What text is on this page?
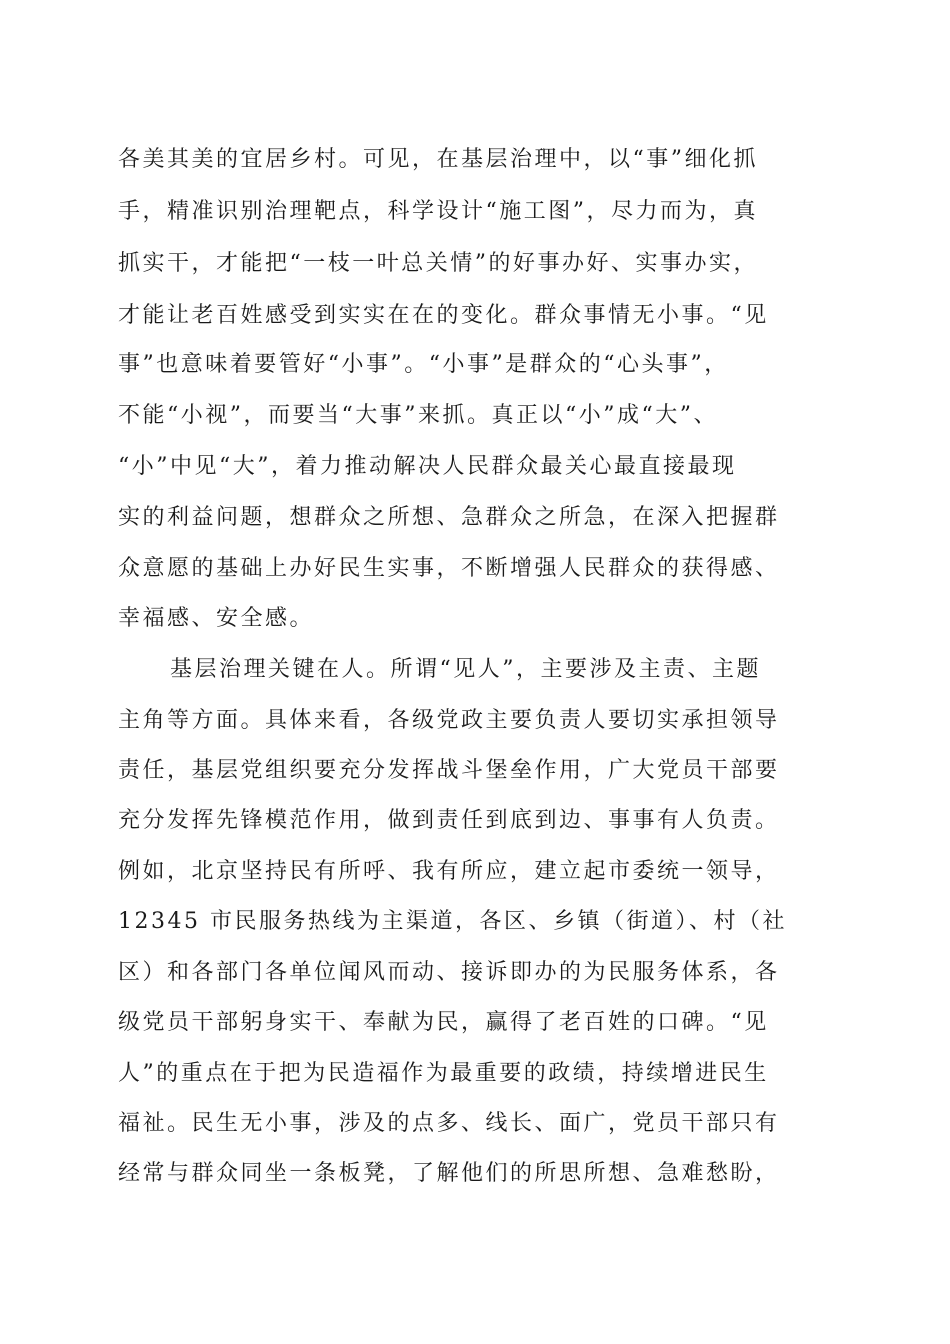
各美其美的宜居乡村。可见，在基层治理中，以“事”细化抓
手，精准识别治理靶点，科学设计“施工图”，尽力而为，真
抓实干，才能把“一枝一叶总关情”的好事办好、实事办实，
才能让老百姓感受到实实在在的变化。群众事情无小事。“见
事”也意味着要管好“小事”。“小事”是群众的“心头事”，
不能“小视”，而要当“大事”来抓。真正以“小”成“大”、
“小”中见“大”，着力推动解决人民群众最关心最直接最现
实的利益问题，想群众之所想、急群众之所急，在深入把握群
众意愿的基础上办好民生实事，不断增强人民群众的获得感、
幸福感、安全感。
基层治理关键在人。所谓“见人”，主要涉及主责、主题
主角等方面。具体来看，各级党政主要负责人要切实承担领导
责任，基层党组织要充分发挥战斗堡垒作用，广大党员干部要
充分发挥先锋模范作用，做到责任到底到边、事事有人负责。
例如，北京坚持民有所呼、我有所应，建立起市委统一领导，
12345 市民服务热线为主渠道，各区、乡镇（街道）、村（社
区）和各部门各单位闻风而动、接诉即办的为民服务体系，各
级党员干部躬身实干、奉献为民，赢得了老百姓的口碑。“见
人”的重点在于把为民造福作为最重要的政绩，持续增进民生
福祉。民生无小事，涉及的点多、线长、面广，党员干部只有
经常与群众同坐一条板凳，了解他们的所思所想、急难愁盼，
